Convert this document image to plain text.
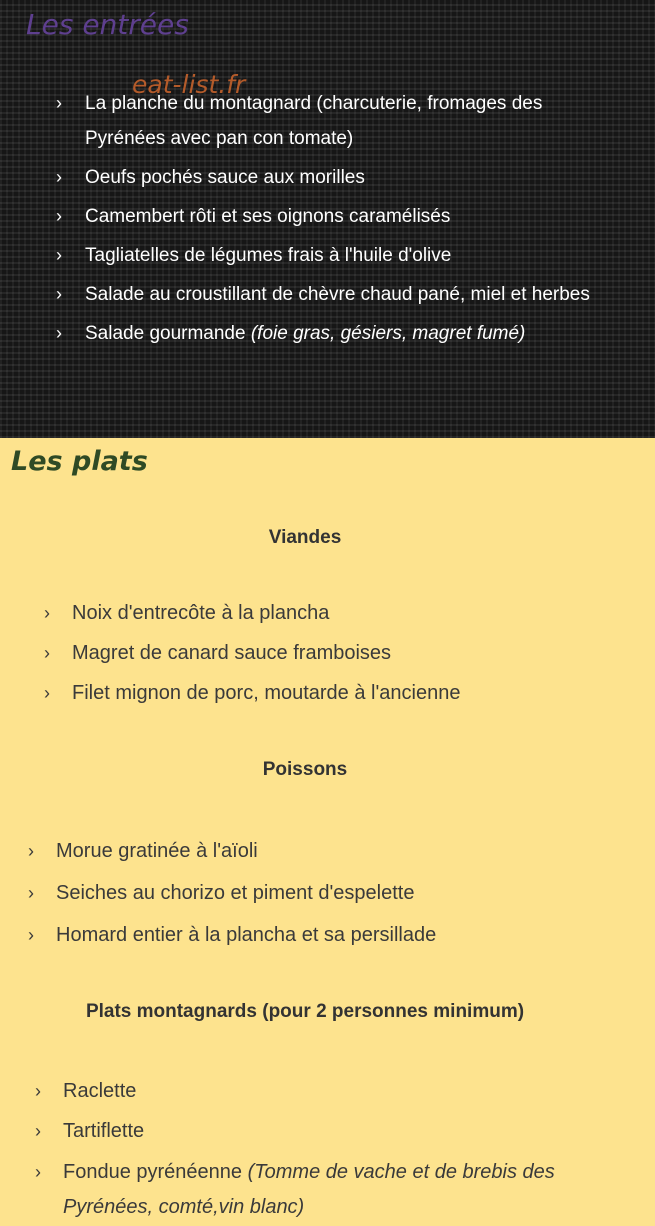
Les entrées
eat-list.fr
› La planche du montagnard (charcuterie, fromages des Pyrénées avec pan con tomate)
› Oeufs pochés sauce aux morilles
› Camembert rôti et ses oignons caramélisés
› Tagliatelles de légumes frais à l'huile d'olive
› Salade au croustillant de chèvre chaud pané, miel et herbes
› Salade gourmande (foie gras, gésiers, magret fumé)
Les plats
Viandes
› Noix d'entrecôte à la plancha
› Magret de canard sauce framboises
› Filet mignon de porc, moutarde à l'ancienne
Poissons
› Morue gratinée à l'aïoli
› Seiches au chorizo et piment d'espelette
› Homard entier à la plancha et sa persillade
Plats montagnards (pour 2 personnes minimum)
› Raclette
› Tartiflette
› Fondue pyrénéenne (Tomme de vache et de brebis des Pyrénées, comté,vin blanc)
